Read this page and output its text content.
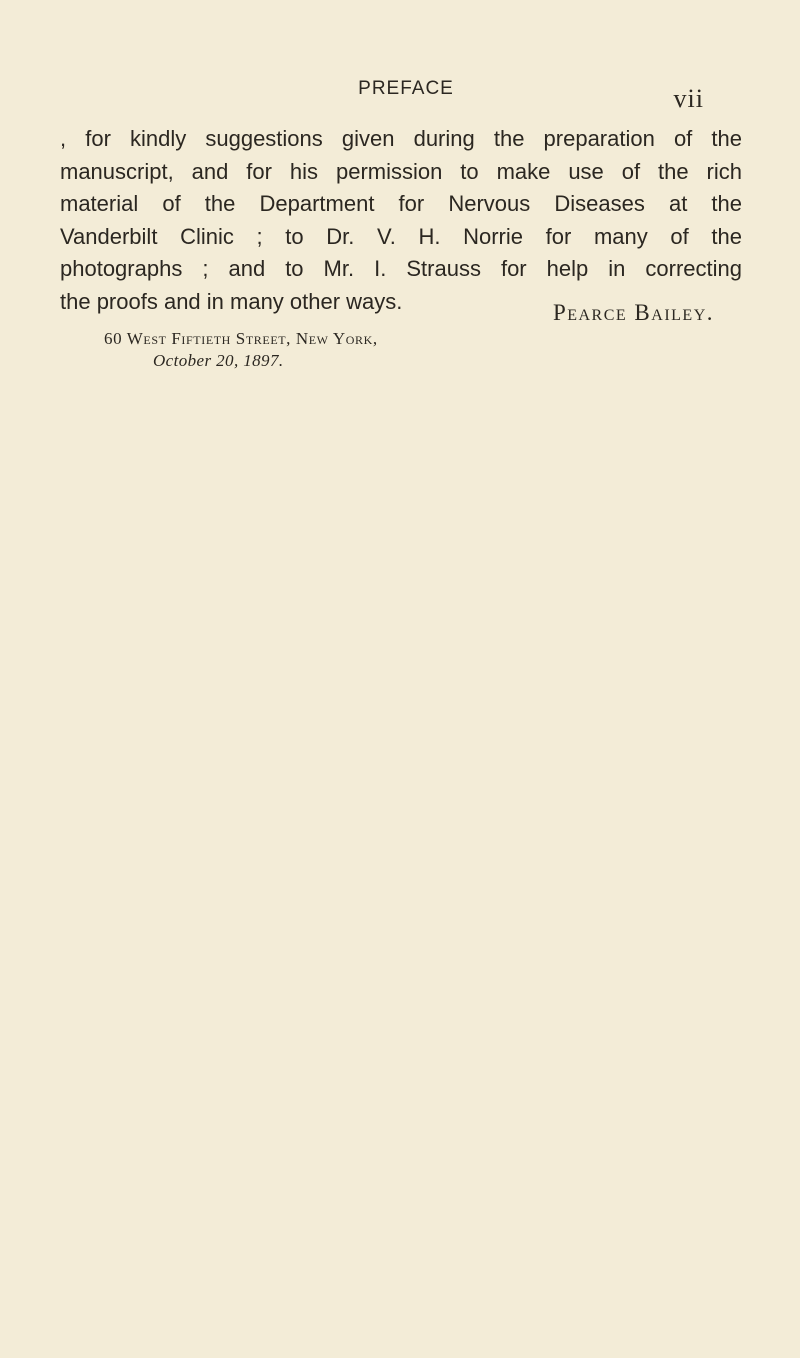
PREFACE	vii
, for kindly suggestions given during the preparation of the
manuscript, and for his permission to make use of the rich
material of the Department for Nervous Diseases at the
Vanderbilt Clinic ; to Dr. V. H. Norrie for many of the
photographs ; and to Mr. I. Strauss for help in correcting
the proofs and in many other ways.	Pearce Bailey.
60 West Fiftieth Street, New York,
October 20, 1897.
